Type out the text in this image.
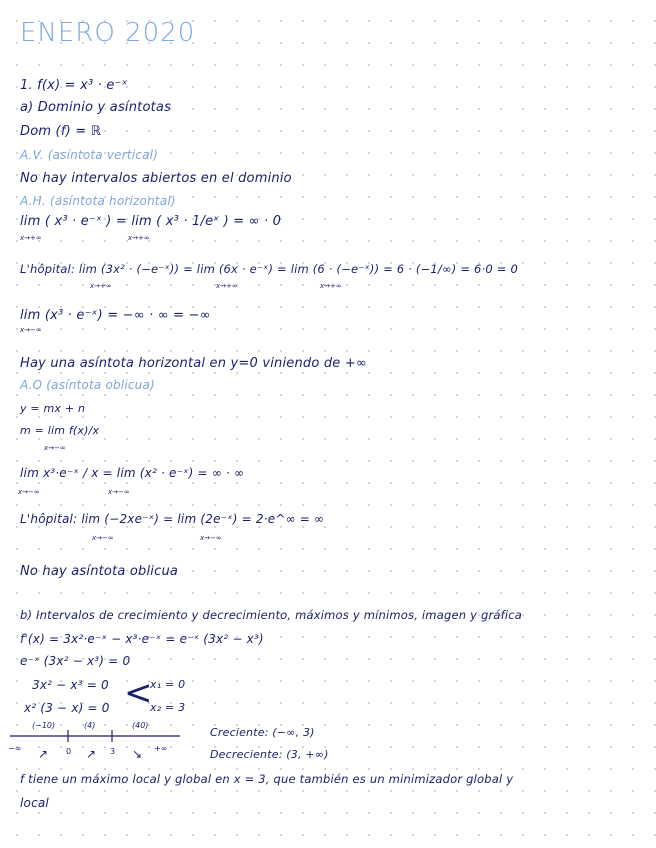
ENERO 2020
1. f(x) = x³ · e⁻ˣ
a) Dominio y asíntotas
Dom (f) = ℝ
A.V. (asíntota vertical)
No hay intervalos abiertos en el dominio
A.H. (asíntota horizontal)
lim ( x³ · e⁻ˣ ) = lim ( x³ · 1/eˣ ) = ∞ · 0
x→+∞	x→+∞
L'hôpital: lim (3x² · (−e⁻ˣ)) = lim (6x · e⁻ˣ) = lim (6 · (−e⁻ˣ)) = 6 · (−1/∞) = 6·0 = 0
x→+∞	x→+∞	x→+∞
lim (x³ · e⁻ˣ) = −∞ · ∞ = −∞
x→−∞
Hay una asíntota horizontal en y=0 viniendo de +∞
A.O (asíntota oblicua)
y = mx + n
m = lim f(x)/x
x→−∞
lim x³·e⁻ˣ / x = lim (x² · e⁻ˣ) = ∞ · ∞
x→−∞	x→−∞
L'hôpital: lim (−2xe⁻ˣ) = lim (2e⁻ˣ) = 2·e^∞ = ∞
x→−∞	x→−∞
No hay asíntota oblicua
b) Intervalos de crecimiento y decrecimiento, máximos y mínimos, imagen y gráfica
f'(x) = 3x²·e⁻ˣ − x³·e⁻ˣ = e⁻ˣ (3x² − x³)
e⁻ˣ (3x² − x³) = 0
3x² − x³ = 0
x² (3 − x) = 0 <
x₁ = 0
x₂ = 3
(−10)	(4)	(40)
−∞	0	3	+∞
↗	↗	↘
Creciente: (−∞, 3)
Decreciente: (3, +∞)
f tiene un máximo local y global en x = 3, que también es un minimizador global y
local
